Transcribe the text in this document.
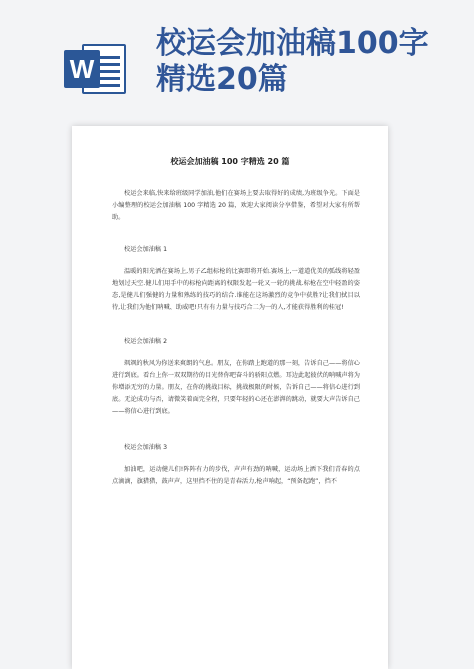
W
校运会加油稿100字精选20篇
校运会加油稿 100 字精选 20 篇
校运会来临,快来给班级同学加油,他们在赛场上要去取得好的成绩,为班级争光。下面是小编整理的校运会加油稿 100 字精选 20 篇，欢迎大家阅读分享借鉴，希望对大家有所帮助。
校运会加油稿 1
温暖的阳光洒在赛场上,男子乙组标枪的比赛即将开始.赛场上,一道道优美的弧线将轻盈地划过天空.健儿们用手中的标枪向距离的权限发起一轮又一轮的挑战.标枪在空中轻盈的姿态,是健儿们强健的力量和熟练的技巧的结合.谁能在这场激烈的竞争中获胜?让我们拭目以待,让我们为他们呐喊、助威吧!只有有力量与技巧合二为一的人,才能获得胜利的桂冠!
校运会加油稿 2
飒飒的秋风为你送来爽朗的气息。朋友，在你踏上跑道的那一刻，告诉自己——将信心进行到底。看台上你一双双期待的目光替你吧奋斗的骄阳点燃。耳边此起彼伏的呐喊声将为你增添无穷的力量。朋友，在你的挑战目标，挑战极限的时候，告诉自己——将信心进行到底。无论成功与否，请微笑着面完全程，只要年轻的心还在澎湃的跳动，就要大声告诉自己——将信心进行到底。
校运会加油稿 3
加油吧，运动健儿们!阵阵有力的步伐，声声有劲的呐喊，运动场上洒下我们青春的点点滴滴，旗猎猎，鼓声声，这里挡不住的是青春活力,枪声响起，“预备起跑”，挡不
